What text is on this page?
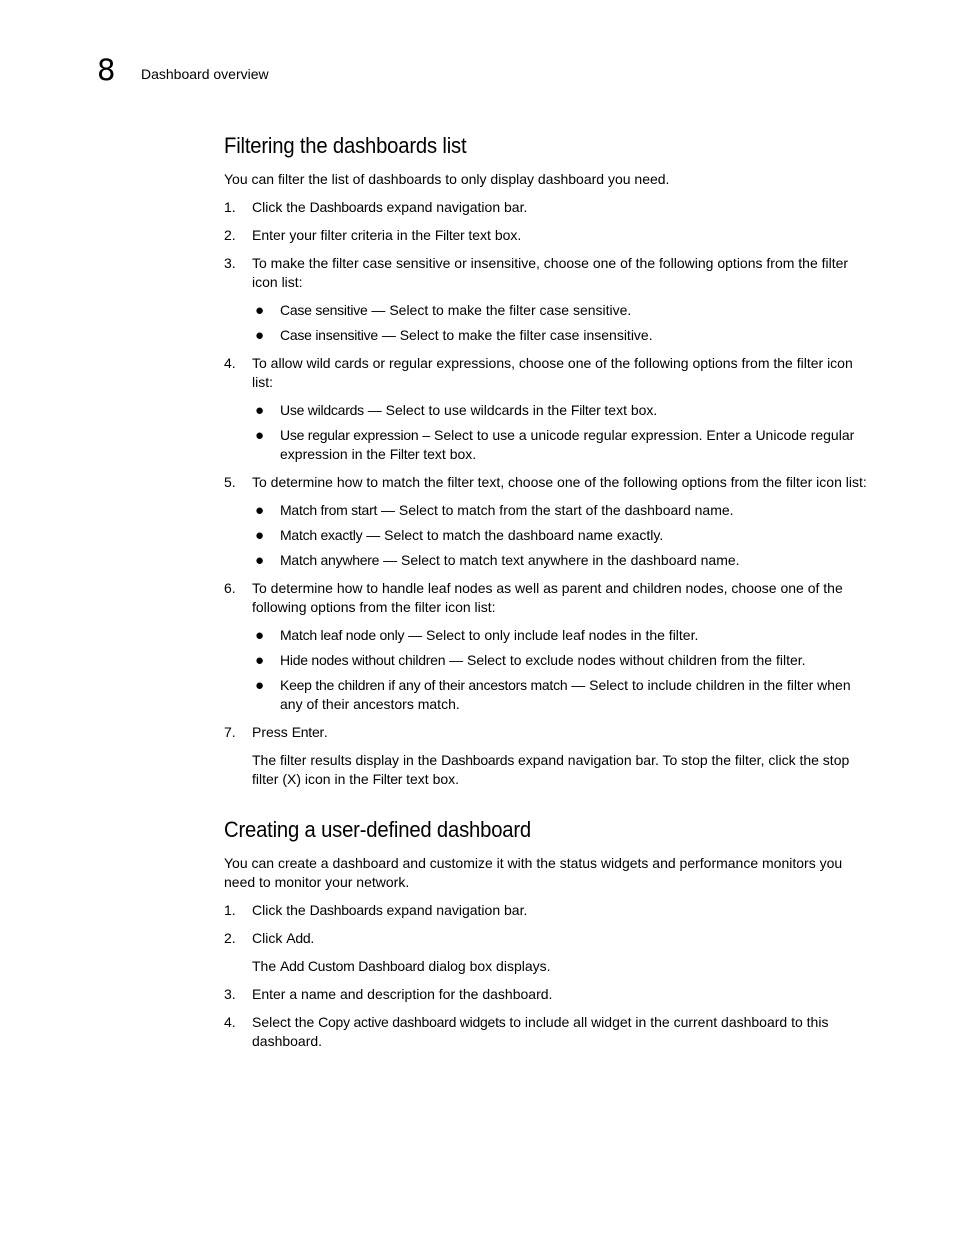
8 Dashboard overview
Filtering the dashboards list

You can filter the list of dashboards to only display dashboard you need.

1. Click the Dashboards expand navigation bar.
2. Enter your filter criteria in the Filter text box.
3. To make the filter case sensitive or insensitive, choose one of the following options from the filter icon list:
● Case sensitive — Select to make the filter case sensitive.
● Case insensitive — Select to make the filter case insensitive.
4. To allow wild cards or regular expressions, choose one of the following options from the filter icon list:
● Use wildcards — Select to use wildcards in the Filter text box.
● Use regular expression – Select to use a unicode regular expression. Enter a Unicode regular expression in the Filter text box.
5. To determine how to match the filter text, choose one of the following options from the filter icon list:
● Match from start — Select to match from the start of the dashboard name.
● Match exactly — Select to match the dashboard name exactly.
● Match anywhere — Select to match text anywhere in the dashboard name.
6. To determine how to handle leaf nodes as well as parent and children nodes, choose one of the following options from the filter icon list:
● Match leaf node only — Select to only include leaf nodes in the filter.
● Hide nodes without children — Select to exclude nodes without children from the filter.
● Keep the children if any of their ancestors match — Select to include children in the filter when any of their ancestors match.
7. Press Enter.
The filter results display in the Dashboards expand navigation bar. To stop the filter, click the stop filter (X) icon in the Filter text box.
Creating a user-defined dashboard

You can create a dashboard and customize it with the status widgets and performance monitors you need to monitor your network.

1. Click the Dashboards expand navigation bar.
2. Click Add.
The Add Custom Dashboard dialog box displays.
3. Enter a name and description for the dashboard.
4. Select the Copy active dashboard widgets to include all widget in the current dashboard to this dashboard.
